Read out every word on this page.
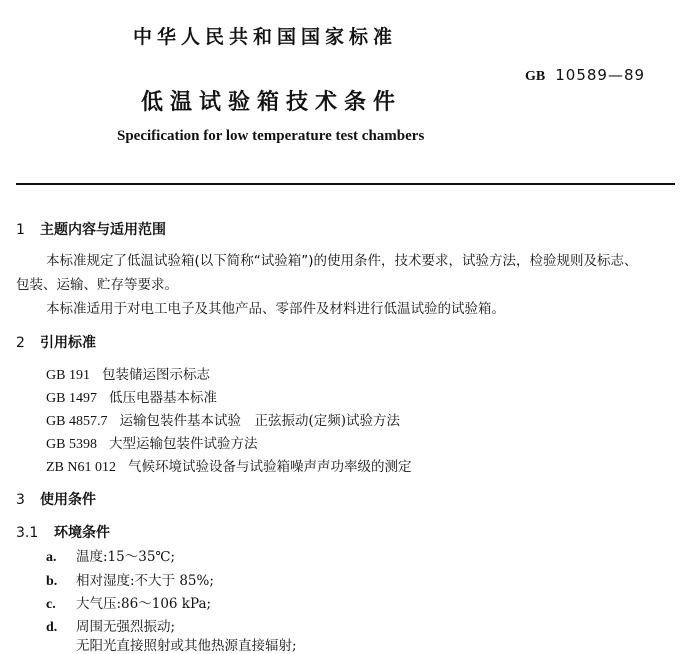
中华人民共和国国家标准
GB 10589—89
低温试验箱技术条件
Specification for low temperature test chambers
1 主题内容与适用范围
本标准规定了低温试验箱(以下简称“试验箱”)的使用条件，技术要求，试验方法，检验规则及标志、
包装、运输、贮存等要求。
本标准适用于对电工电子及其他产品、零部件及材料进行低温试验的试验箱。
2 引用标准
GB 191 包装储运图示标志
GB 1497 低压电器基本标准
GB 4857.7 运输包装件基本试验　正弦振动(定频)试验方法
GB 5398 大型运输包装件试验方法
ZB N61 012 气候环境试验设备与试验箱噪声声功率级的测定
3 使用条件
3.1 环境条件
a. 温度:15～35℃;
b. 相对湿度:不大于 85%;
c. 大气压:86～106 kPa;
d. 周围无强烈振动;
无阳光直接照射或其他热源直接辐射;
